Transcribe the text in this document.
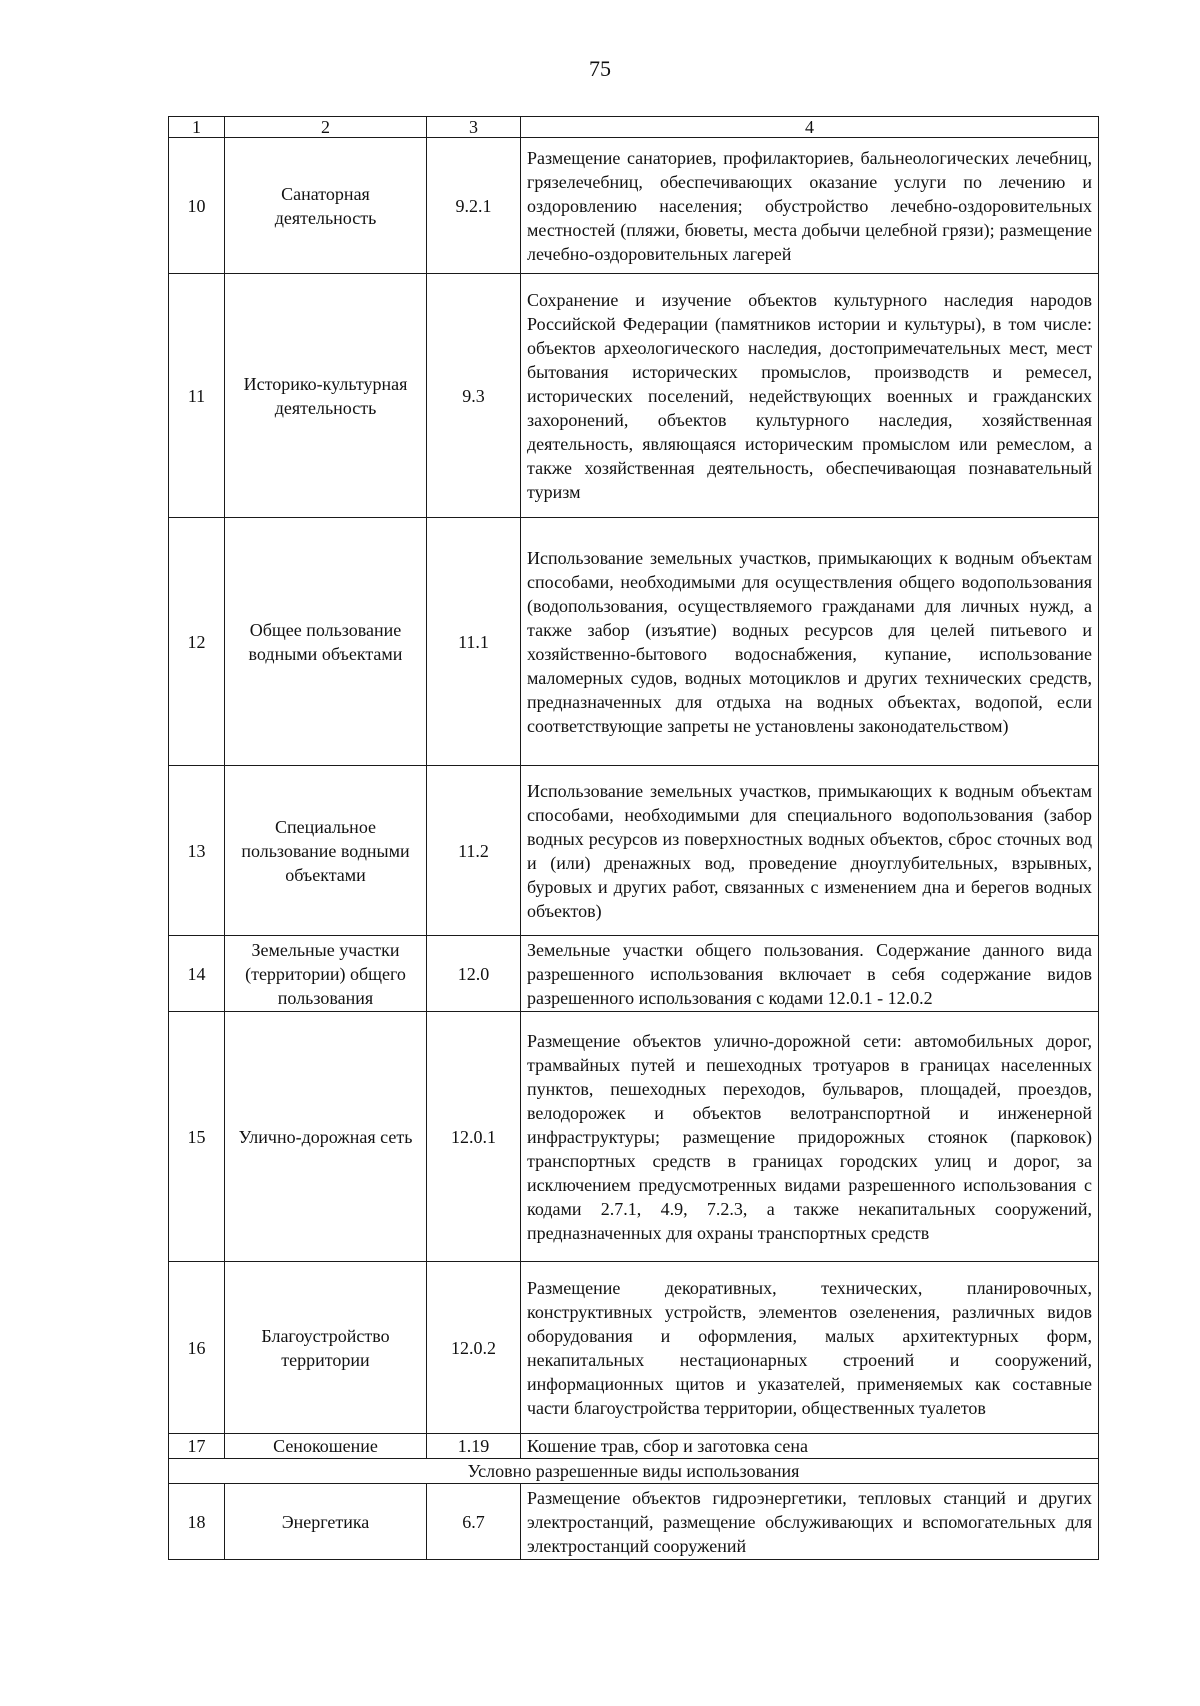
75
1	2	3	4
10	Санаторная деятельность	9.2.1	Размещение санаториев, профилакториев, бальнеологических лечебниц, грязелечебниц, обеспечивающих оказание услуги по лечению и оздоровлению населения; обустройство лечебно-оздоровительных местностей (пляжи, бюветы, места добычи целебной грязи); размещение лечебно-оздоровительных лагерей
11	Историко-культурная деятельность	9.3	Сохранение и изучение объектов культурного наследия народов Российской Федерации (памятников истории и культуры), в том числе: объектов археологического наследия, достопримечательных мест, мест бытования исторических промыслов, производств и ремесел, исторических поселений, недействующих военных и гражданских захоронений, объектов культурного наследия, хозяйственная деятельность, являющаяся историческим промыслом или ремеслом, а также хозяйственная деятельность, обеспечивающая познавательный туризм
12	Общее пользование водными объектами	11.1	Использование земельных участков, примыкающих к водным объектам способами, необходимыми для осуществления общего водопользования (водопользования, осуществляемого гражданами для личных нужд, а также забор (изъятие) водных ресурсов для целей питьевого и хозяйственно-бытового водоснабжения, купание, использование маломерных судов, водных мотоциклов и других технических средств, предназначенных для отдыха на водных объектах, водопой, если соответствующие запреты не установлены законодательством)
13	Специальное пользование водными объектами	11.2	Использование земельных участков, примыкающих к водным объектам способами, необходимыми для специального водопользования (забор водных ресурсов из поверхностных водных объектов, сброс сточных вод и (или) дренажных вод, проведение дноуглубительных, взрывных, буровых и других работ, связанных с изменением дна и берегов водных объектов)
14	Земельные участки (территории) общего пользования	12.0	Земельные участки общего пользования. Содержание данного вида разрешенного использования включает в себя содержание видов разрешенного использования с кодами 12.0.1 - 12.0.2
15	Улично-дорожная сеть	12.0.1	Размещение объектов улично-дорожной сети: автомобильных дорог, трамвайных путей и пешеходных тротуаров в границах населенных пунктов, пешеходных переходов, бульваров, площадей, проездов, велодорожек и объектов велотранспортной и инженерной инфраструктуры; размещение придорожных стоянок (парковок) транспортных средств в границах городских улиц и дорог, за исключением предусмотренных видами разрешенного использования с кодами 2.7.1, 4.9, 7.2.3, а также некапитальных сооружений, предназначенных для охраны транспортных средств
16	Благоустройство территории	12.0.2	Размещение декоративных, технических, планировочных, конструктивных устройств, элементов озеленения, различных видов оборудования и оформления, малых архитектурных форм, некапитальных нестационарных строений и сооружений, информационных щитов и указателей, применяемых как составные части благоустройства территории, общественных туалетов
17	Сенокошение	1.19	Кошение трав, сбор и заготовка сена
Условно разрешенные виды использования			
18	Энергетика	6.7	Размещение объектов гидроэнергетики, тепловых станций и других электростанций, размещение обслуживающих и вспомогательных для электростанций сооружений
